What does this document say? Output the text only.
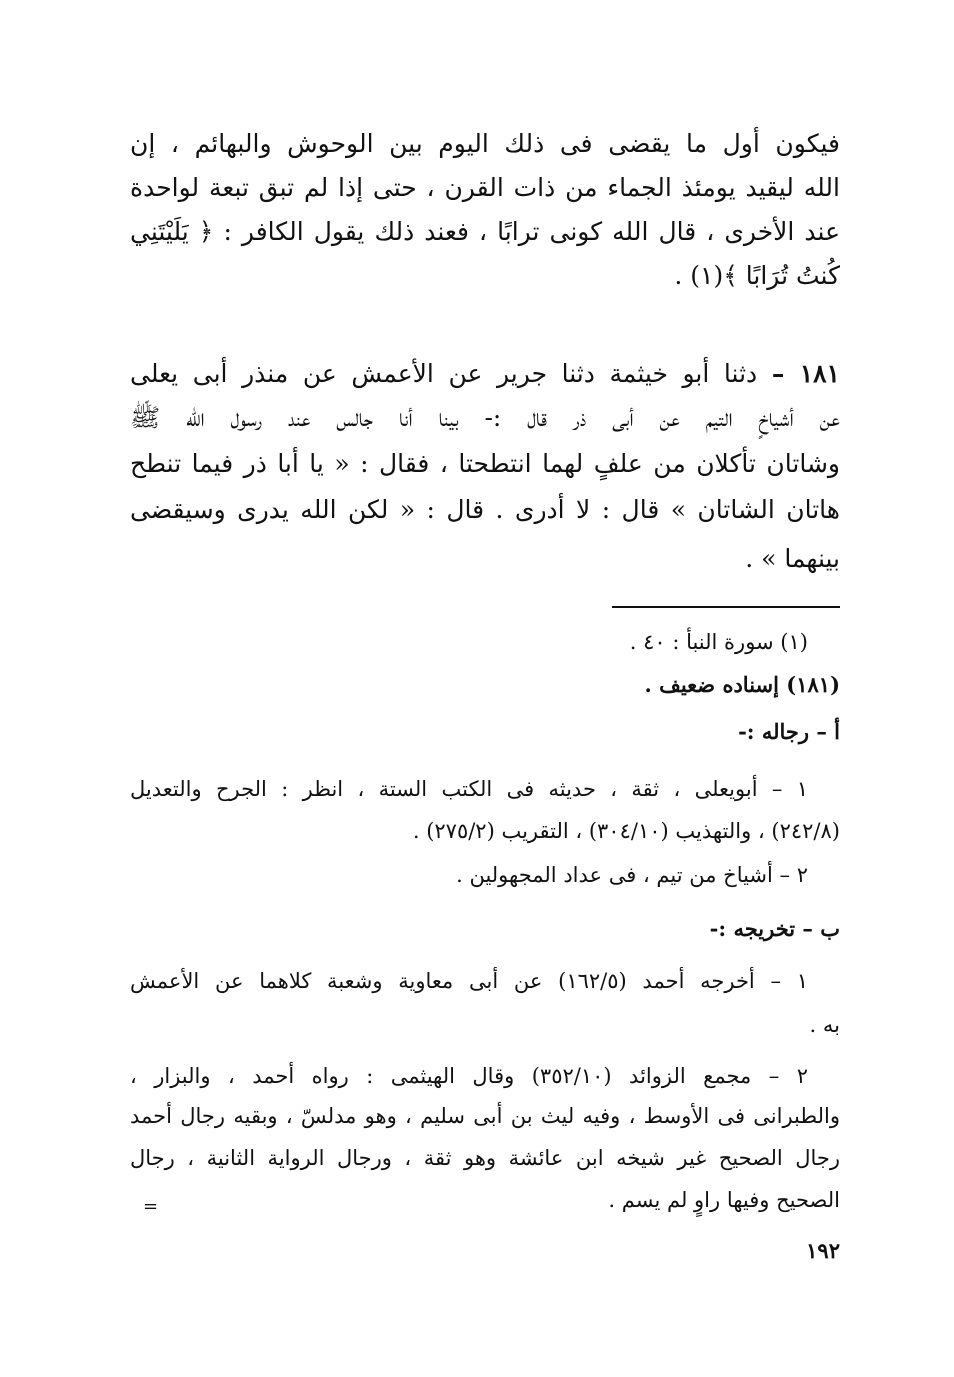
فيكون أول ما يقضى فى ذلك اليوم بين الوحوش والبهائم ، إن
الله ليقيد يومئذ الجماء من ذات القرن ، حتى إذا لم تبق تبعة لواحدة
عند الأخرى ، قال الله كونى ترابًا ، فعند ذلك يقول الكافر : ﴿ يَلَيْتَنِي
كُنتُ تُرَابًا ﴾(١) .
١٨١ – دثنا أبو خيثمة دثنا جرير عن الأعمش عن منذر أبى يعلى
عن أشياخٍ التيم عن أبى ذر قال :- بينا أنا جالس عند رسول الله ﷺ
وشاتان تأكلان من علفٍ لهما انتطحتا ، فقال : « يا أبا ذر فيما تنطح
هاتان الشاتان » قال : لا أدرى . قال : « لكن الله يدرى وسيقضى
بينهما » .
(١) سورة النبأ : ٤٠ .
(١٨١) إسناده ضعيف .
أ – رجاله :-
١ – أبويعلى ، ثقة ، حديثه فى الكتب الستة ، انظر : الجرح والتعديل
(٢٤٢/٨) ، والتهذيب (٣٠٤/١٠) ، التقريب (٢٧٥/٢) .
٢ – أشياخ من تيم ، فى عداد المجهولين .
ب – تخريجه :-
١ – أخرجه أحمد (١٦٢/٥) عن أبى معاوية وشعبة كلاهما عن الأعمش
به .
٢ – مجمع الزوائد (٣٥٢/١٠) وقال الهيثمى : رواه أحمد ، والبزار ،
والطبرانى فى الأوسط ، وفيه ليث بن أبى سليم ، وهو مدلسّ ، وبقيه رجال أحمد
رجال الصحيح غير شيخه ابن عائشة وهو ثقة ، ورجال الرواية الثانية ، رجال
الصحيح وفيها راوٍ لم يسم .
=
١٩٢
